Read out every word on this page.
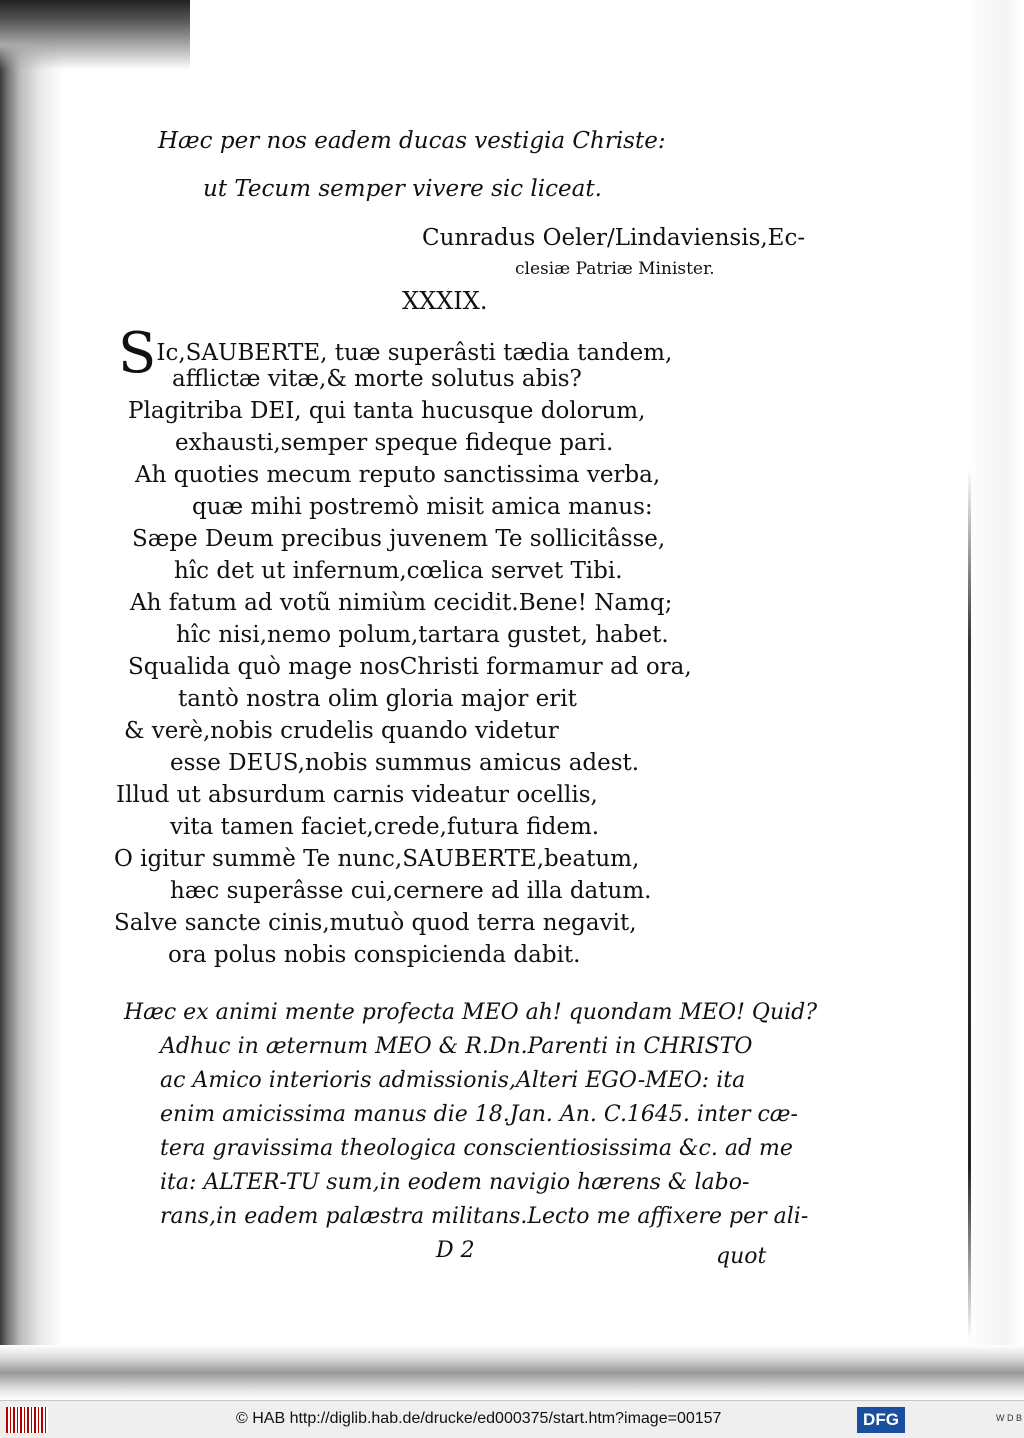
Hæc per nos eadem ducas vestigia Christe:
ut Tecum semper vivere sic liceat.
Cunradus Oeler/Lindaviensis,Ec-
clesiæ Patriæ Minister.
XXXIX.
SIc,SAUBERTE, tuæ superâsti tædia tandem,
afflictæ vitæ,& morte solutus abis?
Plagitriba DEI, qui tanta hucusque dolorum,
exhausti,semper speque fideque pari.
Ah quoties mecum reputo sanctissima verba,
quæ mihi postremò misit amica manus:
Sæpe Deum precibus juvenem Te sollicitâsse,
hîc det ut infernum,cœlica servet Tibi.
Ah fatum ad votũ nimiùm cecidit.Bene! Namq;
hîc nisi,nemo polum,tartara gustet, habet.
Squalida quò mage nosChristi formamur ad ora,
tantò nostra olim gloria major erit
& verè,nobis crudelis quando videtur
esse DEUS,nobis summus amicus adest.
Illud ut absurdum carnis videatur ocellis,
vita tamen faciet,crede,futura fidem.
O igitur summè Te nunc,SAUBERTE,beatum,
hæc superâsse cui,cernere ad illa datum.
Salve sancte cinis,mutuò quod terra negavit,
ora polus nobis conspicienda dabit.
Hæc ex animi mente profecta MEO ah! quondam MEO! Quid?
Adhuc in æternum MEO & R.Dn.Parenti in CHRISTO
ac Amico interioris admissionis,Alteri EGO-MEO: ita
enim amicissima manus die 18.Jan. An. C.1645. inter cæ-
tera gravissima theologica conscientiosissima &c. ad me
ita: ALTER-TU sum,in eodem navigio hærens & labo-
rans,in eadem palæstra militans.Lecto me affixere per ali-
D 2	quot
© HAB http://diglib.hab.de/drucke/ed000375/start.htm?image=00157	DFG	W D B
